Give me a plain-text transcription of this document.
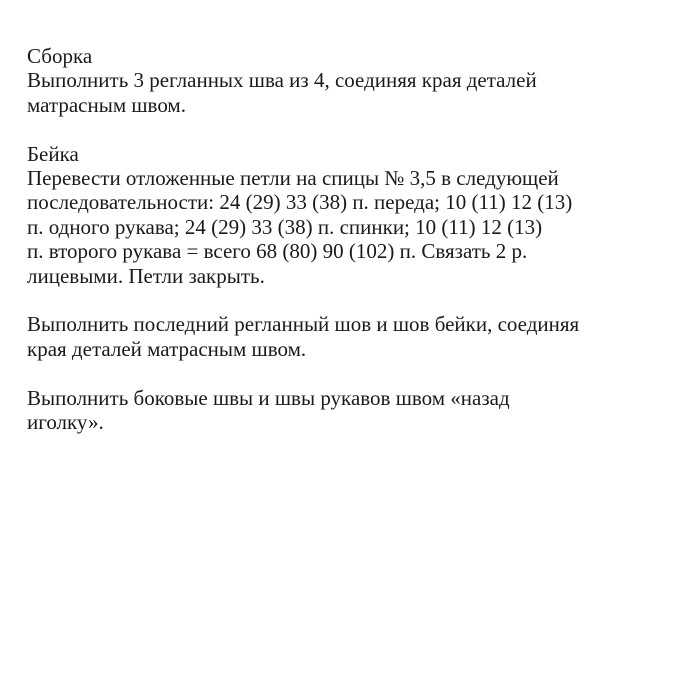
Сборка
Выполнить 3 регланных шва из 4, соединяя края деталей
матрасным швом.
Бейка
Перевести отложенные петли на спицы № 3,5 в следующей
последовательности: 24 (29) 33 (38) п. переда; 10 (11) 12 (13)
п. одного рукава; 24 (29) 33 (38) п. спинки; 10 (11) 12 (13)
п. второго рукава = всего 68 (80) 90 (102) п. Связать 2 р.
лицевыми. Петли закрыть.
Выполнить последний регланный шов и шов бейки, соединяя
края деталей матрасным швом.
Выполнить боковые швы и швы рукавов швом «назад
иголку».
